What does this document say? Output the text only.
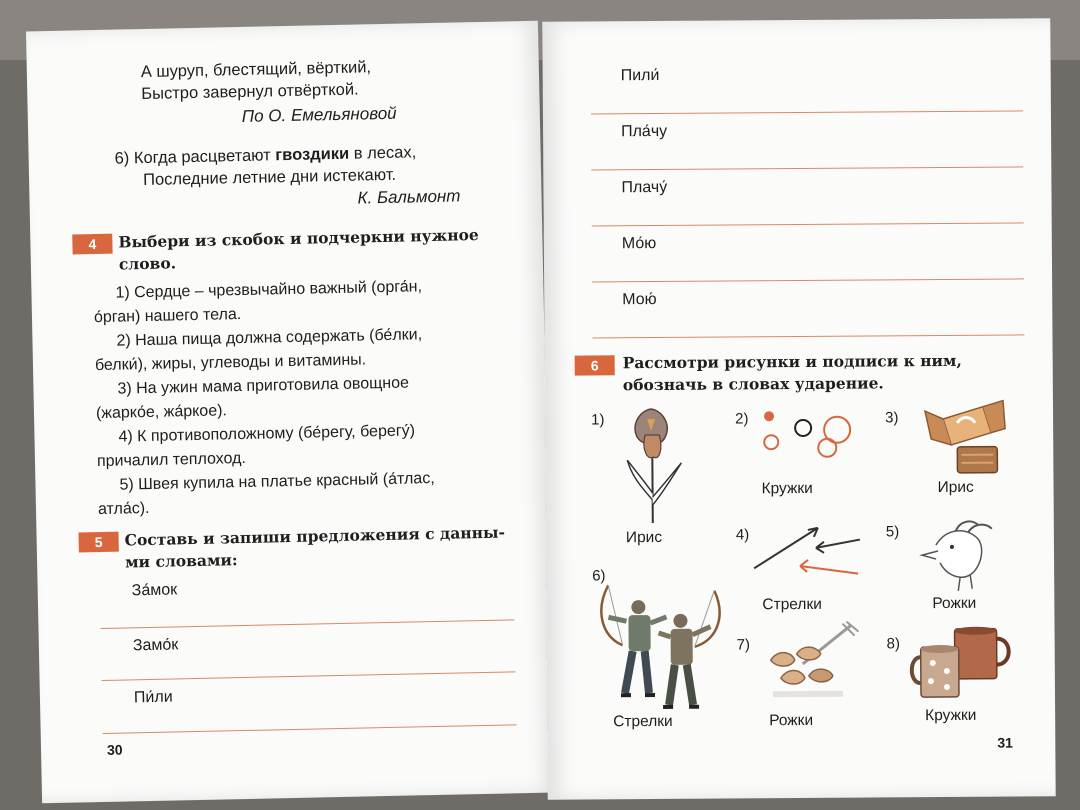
А шуруп, блестящий, вёрткий,
Быстро завернул отвёрткой.
По О. Емельяновой
6) Когда расцветают гвоздики в лесах,
Последние летние дни истекают.
К. Бальмонт
4	Выбери из скобок и подчеркни нужное
слово.
1) Сердце – чрезвычайно важный (орга́н,
о́рган) нашего тела.
2) Наша пища должна содержать (бе́лки,
белки́), жиры, углеводы и витамины.
3) На ужин мама приготовила овощное
(жарко́е, жа́ркое).
4) К противоположному (бе́регу, берегу́)
причалил теплоход.
5) Швея купила на платье красный (а́тлас,
атла́с).
5	Составь и запиши предложения с данны-
ми словами:
За́мок
Замо́к
Пи́ли
30
Пили́
Пла́чу
Плачу́
Мо́ю
Мою́
6	Рассмотри рисунки и подписи к ним,
обозначь в словах ударение.
1)
Ирис
2)
Кружки
3)
Ирис
4)
Стрелки
5)
Рожки
6)
Стрелки
7)
Рожки
8)
Кружки
31
